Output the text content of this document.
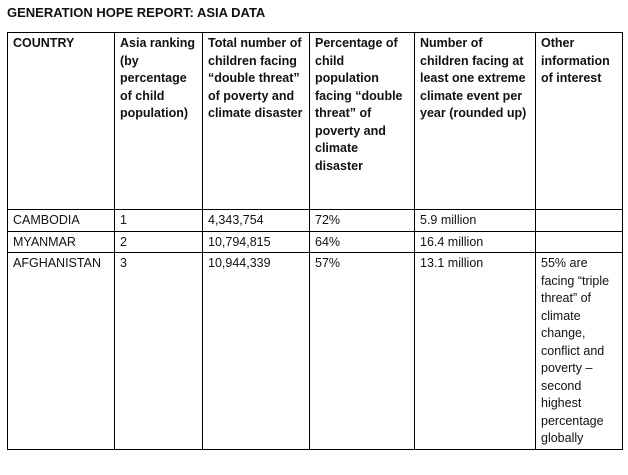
GENERATION HOPE REPORT: ASIA DATA
COUNTRY	Asia ranking (by percentage of child population)	Total number of children facing “double threat” of poverty and climate disaster	Percentage of child population facing “double threat” of poverty and climate disaster	Number of children facing at least one extreme climate event per year (rounded up)	Other information of interest
CAMBODIA	1	4,343,754	72%	5.9 million	
MYANMAR	2	10,794,815	64%	16.4 million	
AFGHANISTAN	3	10,944,339	57%	13.1 million	55% are facing “triple threat” of climate change, conflict and poverty – second highest percentage globally
